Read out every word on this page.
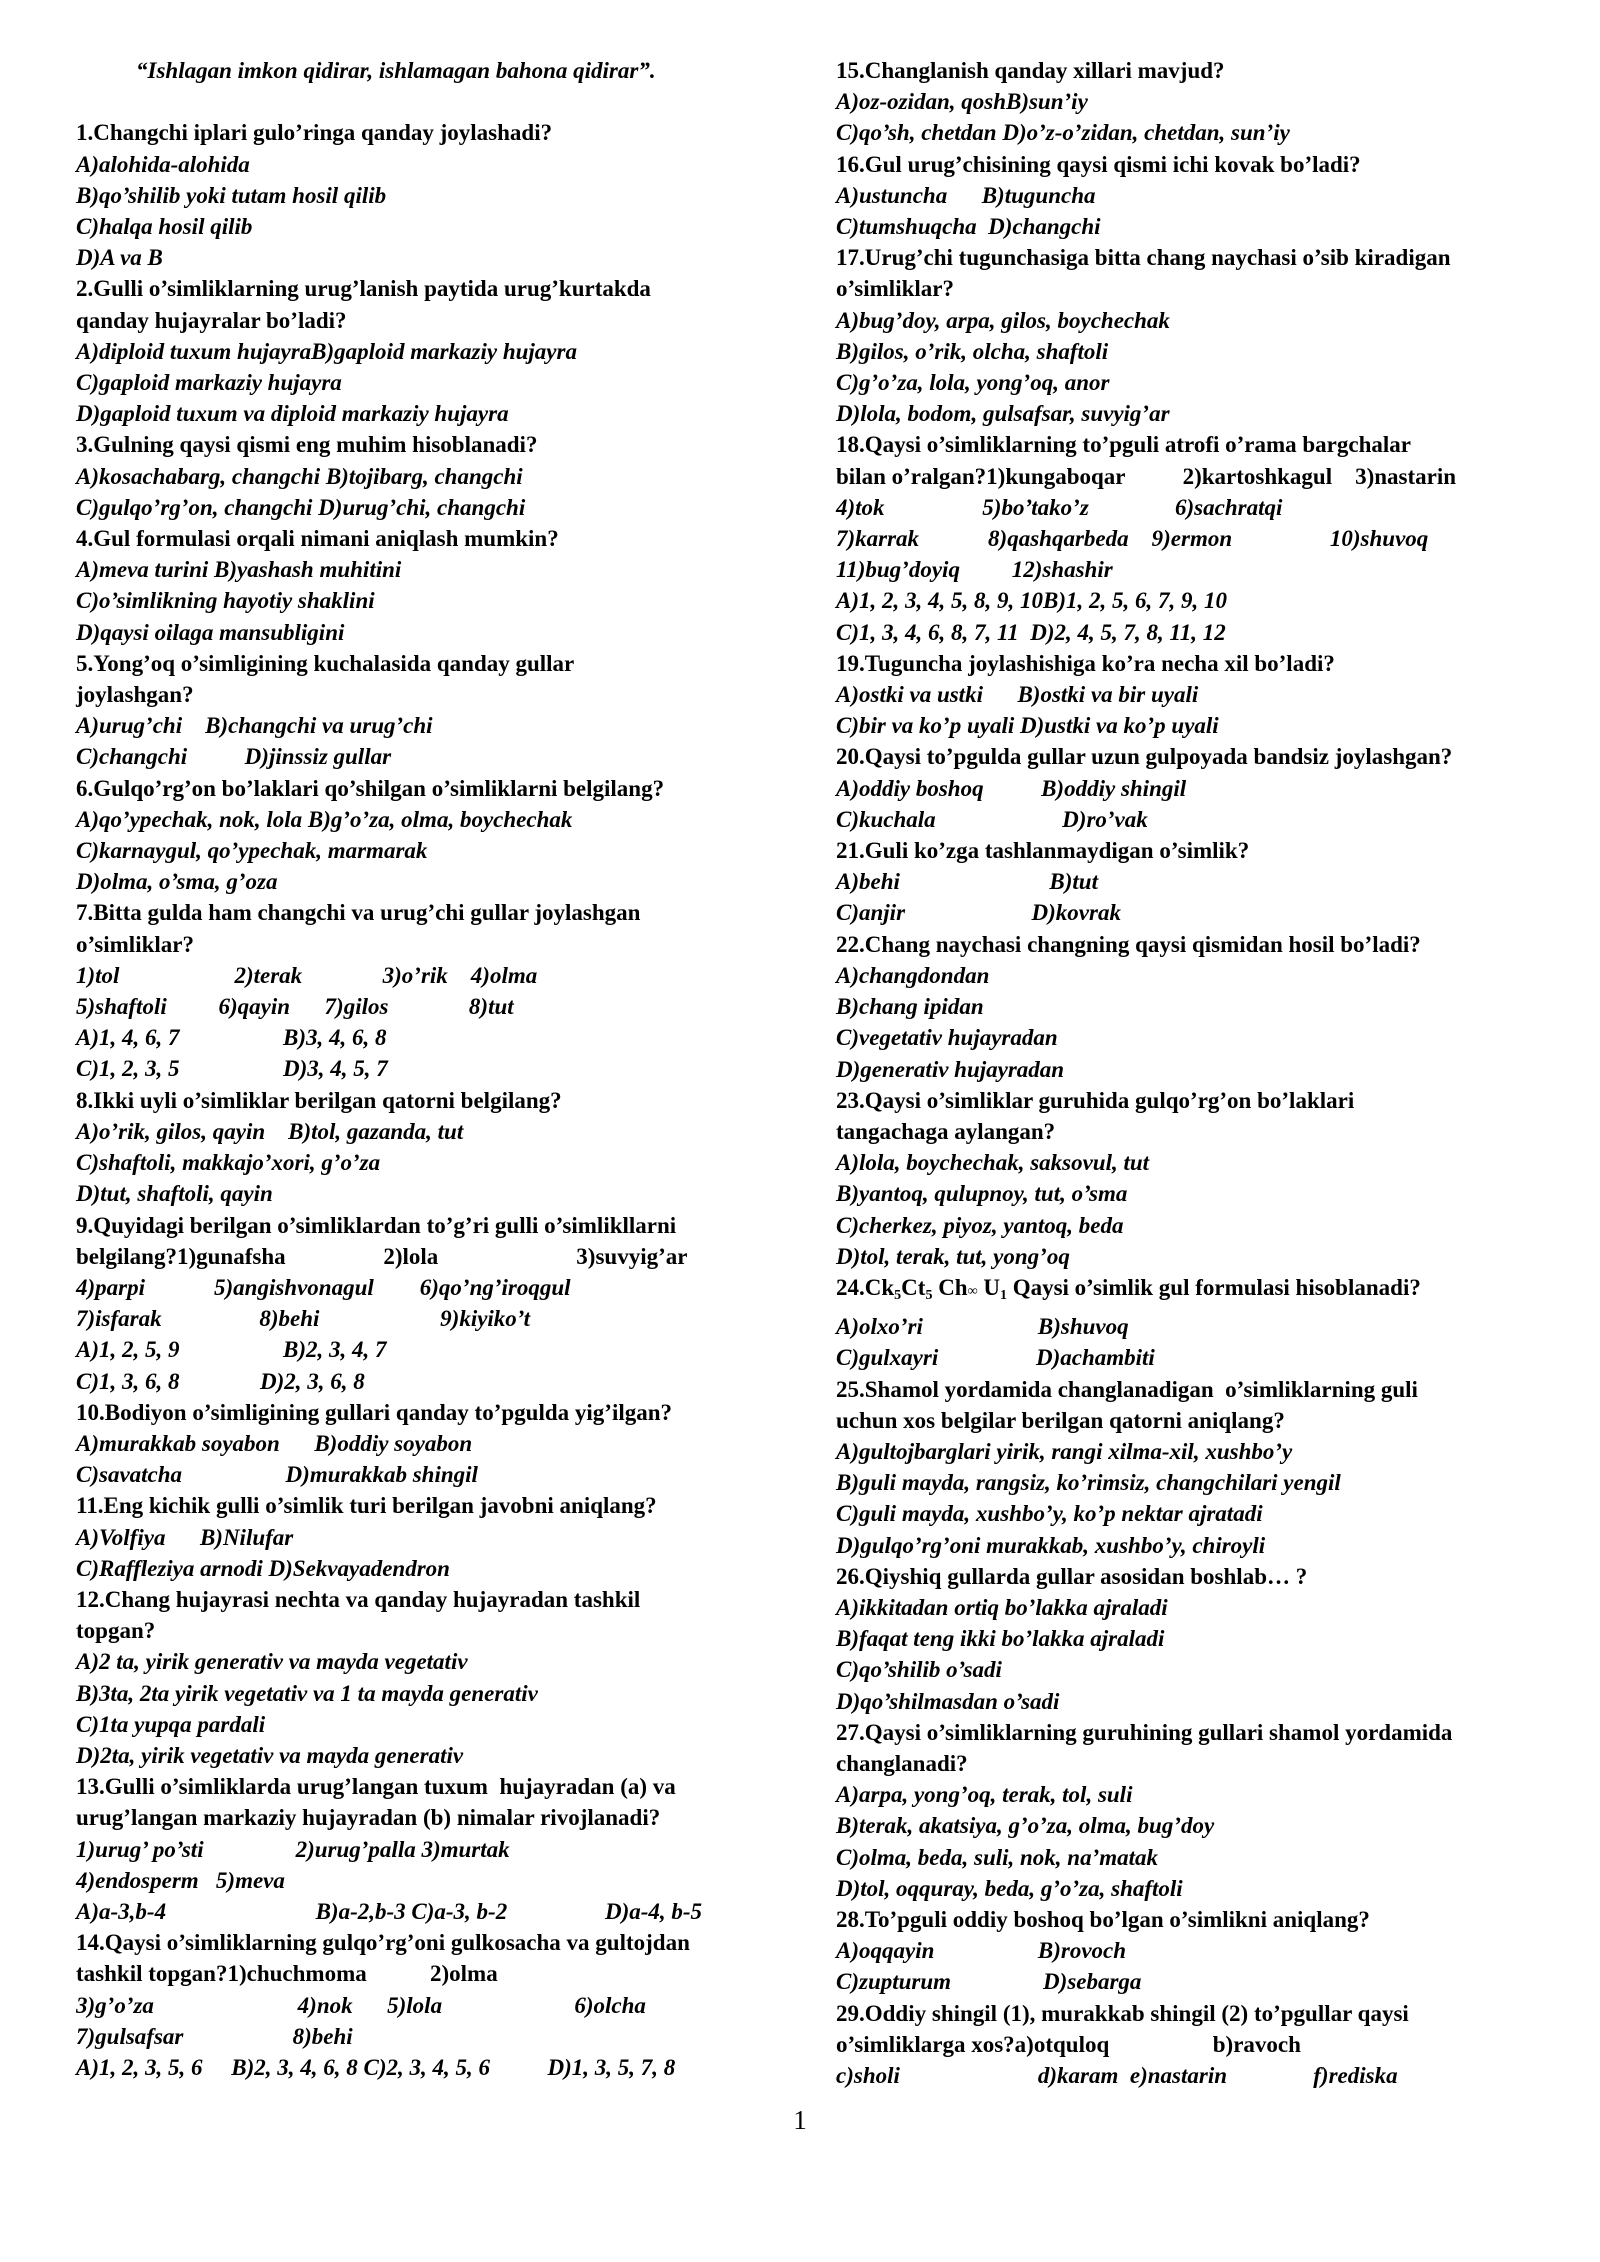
“Ishlagan imkon qidirar, ishlamagan bahona qidirar”.
1.Changchi iplari gulo’ringa qanday joylashadi?
A)alohida-alohida
B)qo’shilib yoki tutam hosil qilib
C)halqa hosil qilib
D)A va B
2.Gulli o’simliklarning urug’lanish paytida urug’kurtakda
qanday hujayralar bo’ladi?
A)diploid tuxum hujayraB)gaploid markaziy hujayra
C)gaploid markaziy hujayra
D)gaploid tuxum va diploid markaziy hujayra
3.Gulning qaysi qismi eng muhim hisoblanadi?
A)kosachabarg, changchi B)tojibarg, changchi
C)gulqo’rg’on, changchi D)urug’chi, changchi
4.Gul formulasi orqali nimani aniqlash mumkin?
A)meva turini B)yashash muhitini
C)o’simlikning hayotiy shaklini
D)qaysi oilaga mansubligini
5.Yong’oq o’simligining kuchalasida qanday gullar
joylashgan?
A)urug’chi    B)changchi va urug’chi
C)changchi          D)jinssiz gullar
6.Gulqo’rg’on bo’laklari qo’shilgan o’simliklarni belgilang?
A)qo’ypechak, nok, lola B)g’o’za, olma, boychechak
C)karnaygul, qo’ypechak, marmarak
D)olma, o’sma, g’oza
7.Bitta gulda ham changchi va urug’chi gullar joylashgan
o’simliklar?
1)tol                    2)terak              3)o’rik    4)olma
5)shaftoli         6)qayin      7)gilos              8)tut
A)1, 4, 6, 7                  B)3, 4, 6, 8
C)1, 2, 3, 5                  D)3, 4, 5, 7
8.Ikki uyli o’simliklar berilgan qatorni belgilang?
A)o’rik, gilos, qayin    B)tol, gazanda, tut
C)shaftoli, makkajo’xori, g’o’za
D)tut, shaftoli, qayin
9.Quyidagi berilgan o’simliklardan to’g’ri gulli o’simlikllarni
belgilang?1)gunafsha                 2)lola                        3)suvyig’ar
4)parpi            5)angishvonagul        6)qo’ng’iroqgul
7)isfarak                 8)behi                     9)kiyiko’t
A)1, 2, 5, 9                  B)2, 3, 4, 7
C)1, 3, 6, 8              D)2, 3, 6, 8
10.Bodiyon o’simligining gullari qanday to’pgulda yig’ilgan?
A)murakkab soyabon      B)oddiy soyabon
C)savatcha                  D)murakkab shingil
11.Eng kichik gulli o’simlik turi berilgan javobni aniqlang?
A)Volfiya      B)Nilufar
C)Raffleziya arnodi D)Sekvayadendron
12.Chang hujayrasi nechta va qanday hujayradan tashkil
topgan?
A)2 ta, yirik generativ va mayda vegetativ
B)3ta, 2ta yirik vegetativ va 1 ta mayda generativ
C)1ta yupqa pardali
D)2ta, yirik vegetativ va mayda generativ
13.Gulli o’simliklarda urug’langan tuxum  hujayradan (a) va
urug’langan markaziy hujayradan (b) nimalar rivojlanadi?
1)urug’ po’sti                2)urug’palla 3)murtak
4)endosperm   5)meva
A)a-3,b-4                          B)a-2,b-3 C)a-3, b-2                 D)a-4, b-5
14.Qaysi o’simliklarning gulqo’rg’oni gulkosacha va gultojdan
tashkil topgan?1)chuchmoma           2)olma
3)g’o’za                         4)nok      5)lola                       6)olcha
7)gulsafsar                   8)behi
A)1, 2, 3, 5, 6     B)2, 3, 4, 6, 8 C)2, 3, 4, 5, 6          D)1, 3, 5, 7, 8
15.Changlanish qanday xillari mavjud?
A)oz-ozidan, qoshB)sun’iy
C)qo’sh, chetdan D)o’z-o’zidan, chetdan, sun’iy
16.Gul urug’chisining qaysi qismi ichi kovak bo’ladi?
A)ustuncha      B)tuguncha
C)tumshuqcha  D)changchi
17.Urug’chi tugunchasiga bitta chang naychasi o’sib kiradigan
o’simliklar?
A)bug’doy, arpa, gilos, boychechak
B)gilos, o’rik, olcha, shaftoli
C)g’o’za, lola, yong’oq, anor
D)lola, bodom, gulsafsar, suvyig’ar
18.Qaysi o’simliklarning to’pguli atrofi o’rama bargchalar
bilan o’ralgan?1)kungaboqar          2)kartoshkagul    3)nastarin
4)tok                 5)bo’tako’z               6)sachratqi
7)karrak            8)qashqarbeda    9)ermon                 10)shuvoq
11)bug’doyiq         12)shashir
A)1, 2, 3, 4, 5, 8, 9, 10B)1, 2, 5, 6, 7, 9, 10
C)1, 3, 4, 6, 8, 7, 11  D)2, 4, 5, 7, 8, 11, 12
19.Tuguncha joylashishiga ko’ra necha xil bo’ladi?
A)ostki va ustki      B)ostki va bir uyali
C)bir va ko’p uyali D)ustki va ko’p uyali
20.Qaysi to’pgulda gullar uzun gulpoyada bandsiz joylashgan?
A)oddiy boshoq          B)oddiy shingil
C)kuchala                      D)ro’vak
21.Guli ko’zga tashlanmaydigan o’simlik?
A)behi                          B)tut
C)anjir                      D)kovrak
22.Chang naychasi changning qaysi qismidan hosil bo’ladi?
A)changdondan
B)chang ipidan
C)vegetativ hujayradan
D)generativ hujayradan
23.Qaysi o’simliklar guruhida gulqo’rg’on bo’laklari
tangachaga aylangan?
A)lola, boychechak, saksovul, tut
B)yantoq, qulupnoy, tut, o’sma
C)cherkez, piyoz, yantoq, beda
D)tol, terak, tut, yong’oq
$24.Ck_5Ct_5$ Ch∞ $U_1$ Qaysi o’simlik gul formulasi hisoblanadi?
A)olxo’ri                    B)shuvoq
C)gulxayri                 D)achambiti
25.Shamol yordamida changlanadigan  o’simliklarning guli
uchun xos belgilar berilgan qatorni aniqlang?
A)gultojbarglari yirik, rangi xilma-xil, xushbo’y
B)guli mayda, rangsiz, ko’rimsiz, changchilari yengil
C)guli mayda, xushbo’y, ko’p nektar ajratadi
D)gulqo’rg’oni murakkab, xushbo’y, chiroyli
26.Qiyshiq gullarda gullar asosidan boshlab… ?
A)ikkitadan ortiq bo’lakka ajraladi
B)faqat teng ikki bo’lakka ajraladi
C)qo’shilib o’sadi
D)qo’shilmasdan o’sadi
27.Qaysi o’simliklarning guruhining gullari shamol yordamida
changlanadi?
A)arpa, yong’oq, terak, tol, suli
B)terak, akatsiya, g’o’za, olma, bug’doy
C)olma, beda, suli, nok, na’matak
D)tol, oqquray, beda, g’o’za, shaftoli
28.To’pguli oddiy boshoq bo’lgan o’simlikni aniqlang?
A)oqqayin                  B)rovoch
C)zupturum                D)sebarga
29.Oddiy shingil (1), murakkab shingil (2) to’pgullar qaysi
o’simliklarga xos?a)otquloq                  b)ravoch
c)sholi                        d)karam  e)nastarin               f)rediska
1
